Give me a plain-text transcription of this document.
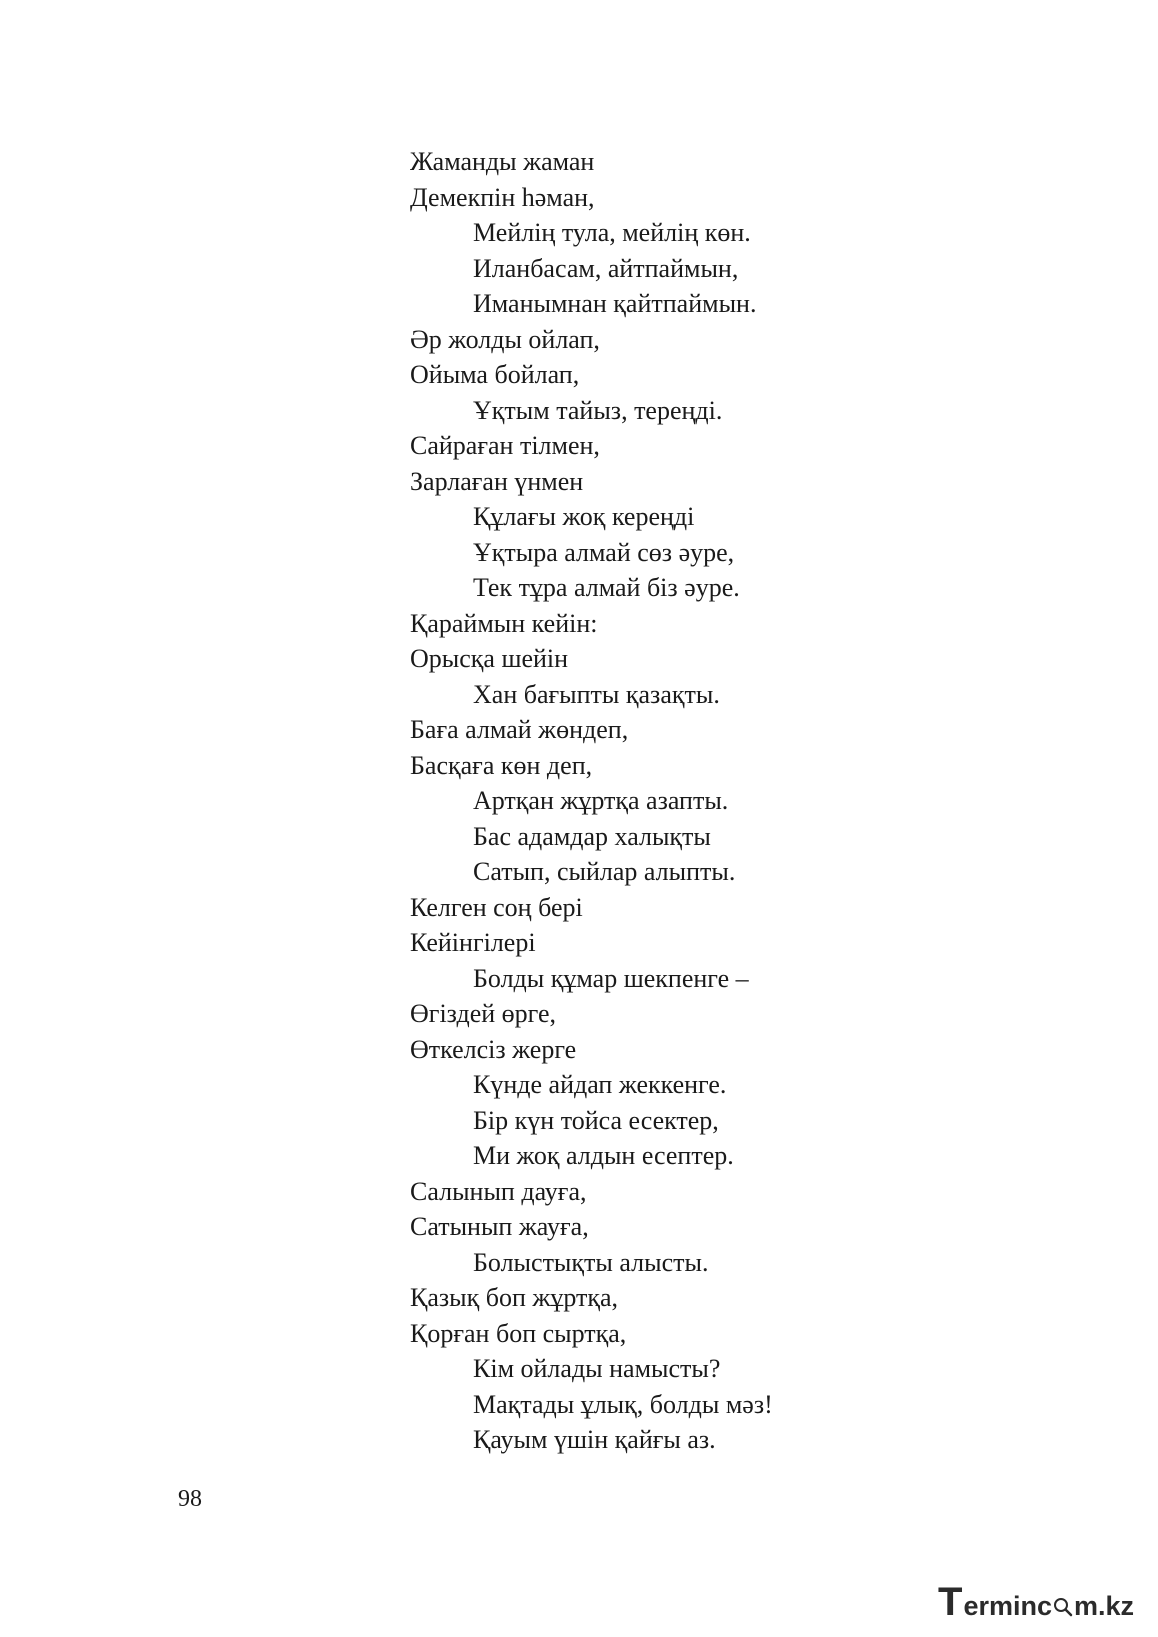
Жаманды жаман
Демекпін һəман,
Мейлің тула, мейлің көн.
Иланбасам, айтпаймын,
Иманымнан қайтпаймын.
Əр жолды ойлап,
Ойыма бойлап,
Ұқтым тайыз, тереңді.
Сайраған тілмен,
Зарлаған үнмен
Құлағы жоқ кереңді
Ұқтыра алмай сөз əуре,
Тек тұра алмай біз əуре.
Қараймын кейін:
Орысқа шейін
Хан бағыпты қазақты.
Баға алмай жөндеп,
Басқаға көн деп,
Артқан жұртқа азапты.
Бас адамдар халықты
Сатып, сыйлар алыпты.
Келген соң бері
Кейінгілері
Болды құмар шекпенге –
Өгіздей өрге,
Өткелсіз жерге
Күнде айдап жеккенге.
Бір күн тойса есектер,
Ми жоқ алдын есептер.
Салынып дауға,
Сатынып жауға,
Болыстықты алысты.
Қазық боп жұртқа,
Қорған боп сыртқа,
Кім ойлады намысты?
Мақтады ұлық, болды мəз!
Қауым үшін қайғы аз.
98
T erminc m.kz
